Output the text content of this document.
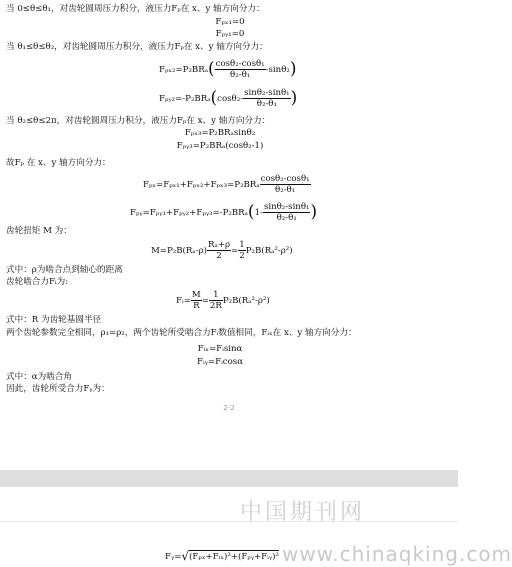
当 0≤θ≤θ₁，对齿轮圆周压力积分，液压力Fₚ在 x、y 轴方向分力：
Fₚₓ₁=0
Fₚᵧ₁=0
当 θ₁≤θ≤θ₂，对齿轮圆周压力积分，液压力Fₚ在 x、y 轴方向分力：
$F_{px2}=P_2BR_a( \frac{\text{cosθ₂-cosθ₁}}{\text{θ₂-θ₁}} -\sin\theta_2)$
Fₚᵧ₂=-P₂BRₐ(cosθ₂- $\frac{\text{sinθ₂-sinθ₁}}{\text{θ₂-θ₁}}$ )
当 θ₂≤θ≤2π，对齿轮圆周压力积分，液压力Fₚ在 x、y 轴方向分力：
Fₚₓ₃=P₂BRₐsinθ₂
Fₚᵧ₃=P₂BRₐ(cosθ₂-1)
故Fₚ 在 x、y 轴方向分力：
$F_{px}=F_{px1}+F_{px2}+F_{px3}=P_2BR_a \frac{\text{cosθ₂-cosθ₁}}{\text{θ₂-θ₁}}$
Fₚᵧ=Fₚᵧ₁+Fₚᵧ₂+Fₚᵧ₃=-P₂BRₐ(1- $\frac{\text{sinθ₂-sinθ₁}}{\text{θ₂-θ₁}}$ )
齿轮扭矩 M 为：
$M=P_2B(R_a-\rho) \frac{\text{Rₐ+ρ}}{2} = \frac{1}{2} P_2B(R_a^2-\rho^2)$
式中：ρ为啮合点到轴心的距离
齿轮啮合力Fᵢ为:
Fᵢ= $\frac{M}{R} = \frac{1}{2R} P_2B(R_a^2-\rho^2)$
式中：R 为齿轮基圆半径
两个齿轮参数完全相同，ρ₁=ρ₂，两个齿轮所受啮合力Fᵢ数值相同，Fᵢₓ在 x、y 轴方向分力：
Fᵢₓ=Fᵢsinα
Fᵢᵧ=Fᵢcosα
式中：α为啮合角
因此，齿轮所受合力Fᵧ为：
2-2
中国期刊网
www.chinaqking.com
Fᵧ=√(Fₚₓ+Fᵢₓ)²+(Fₚᵧ+Fᵢᵧ)²
